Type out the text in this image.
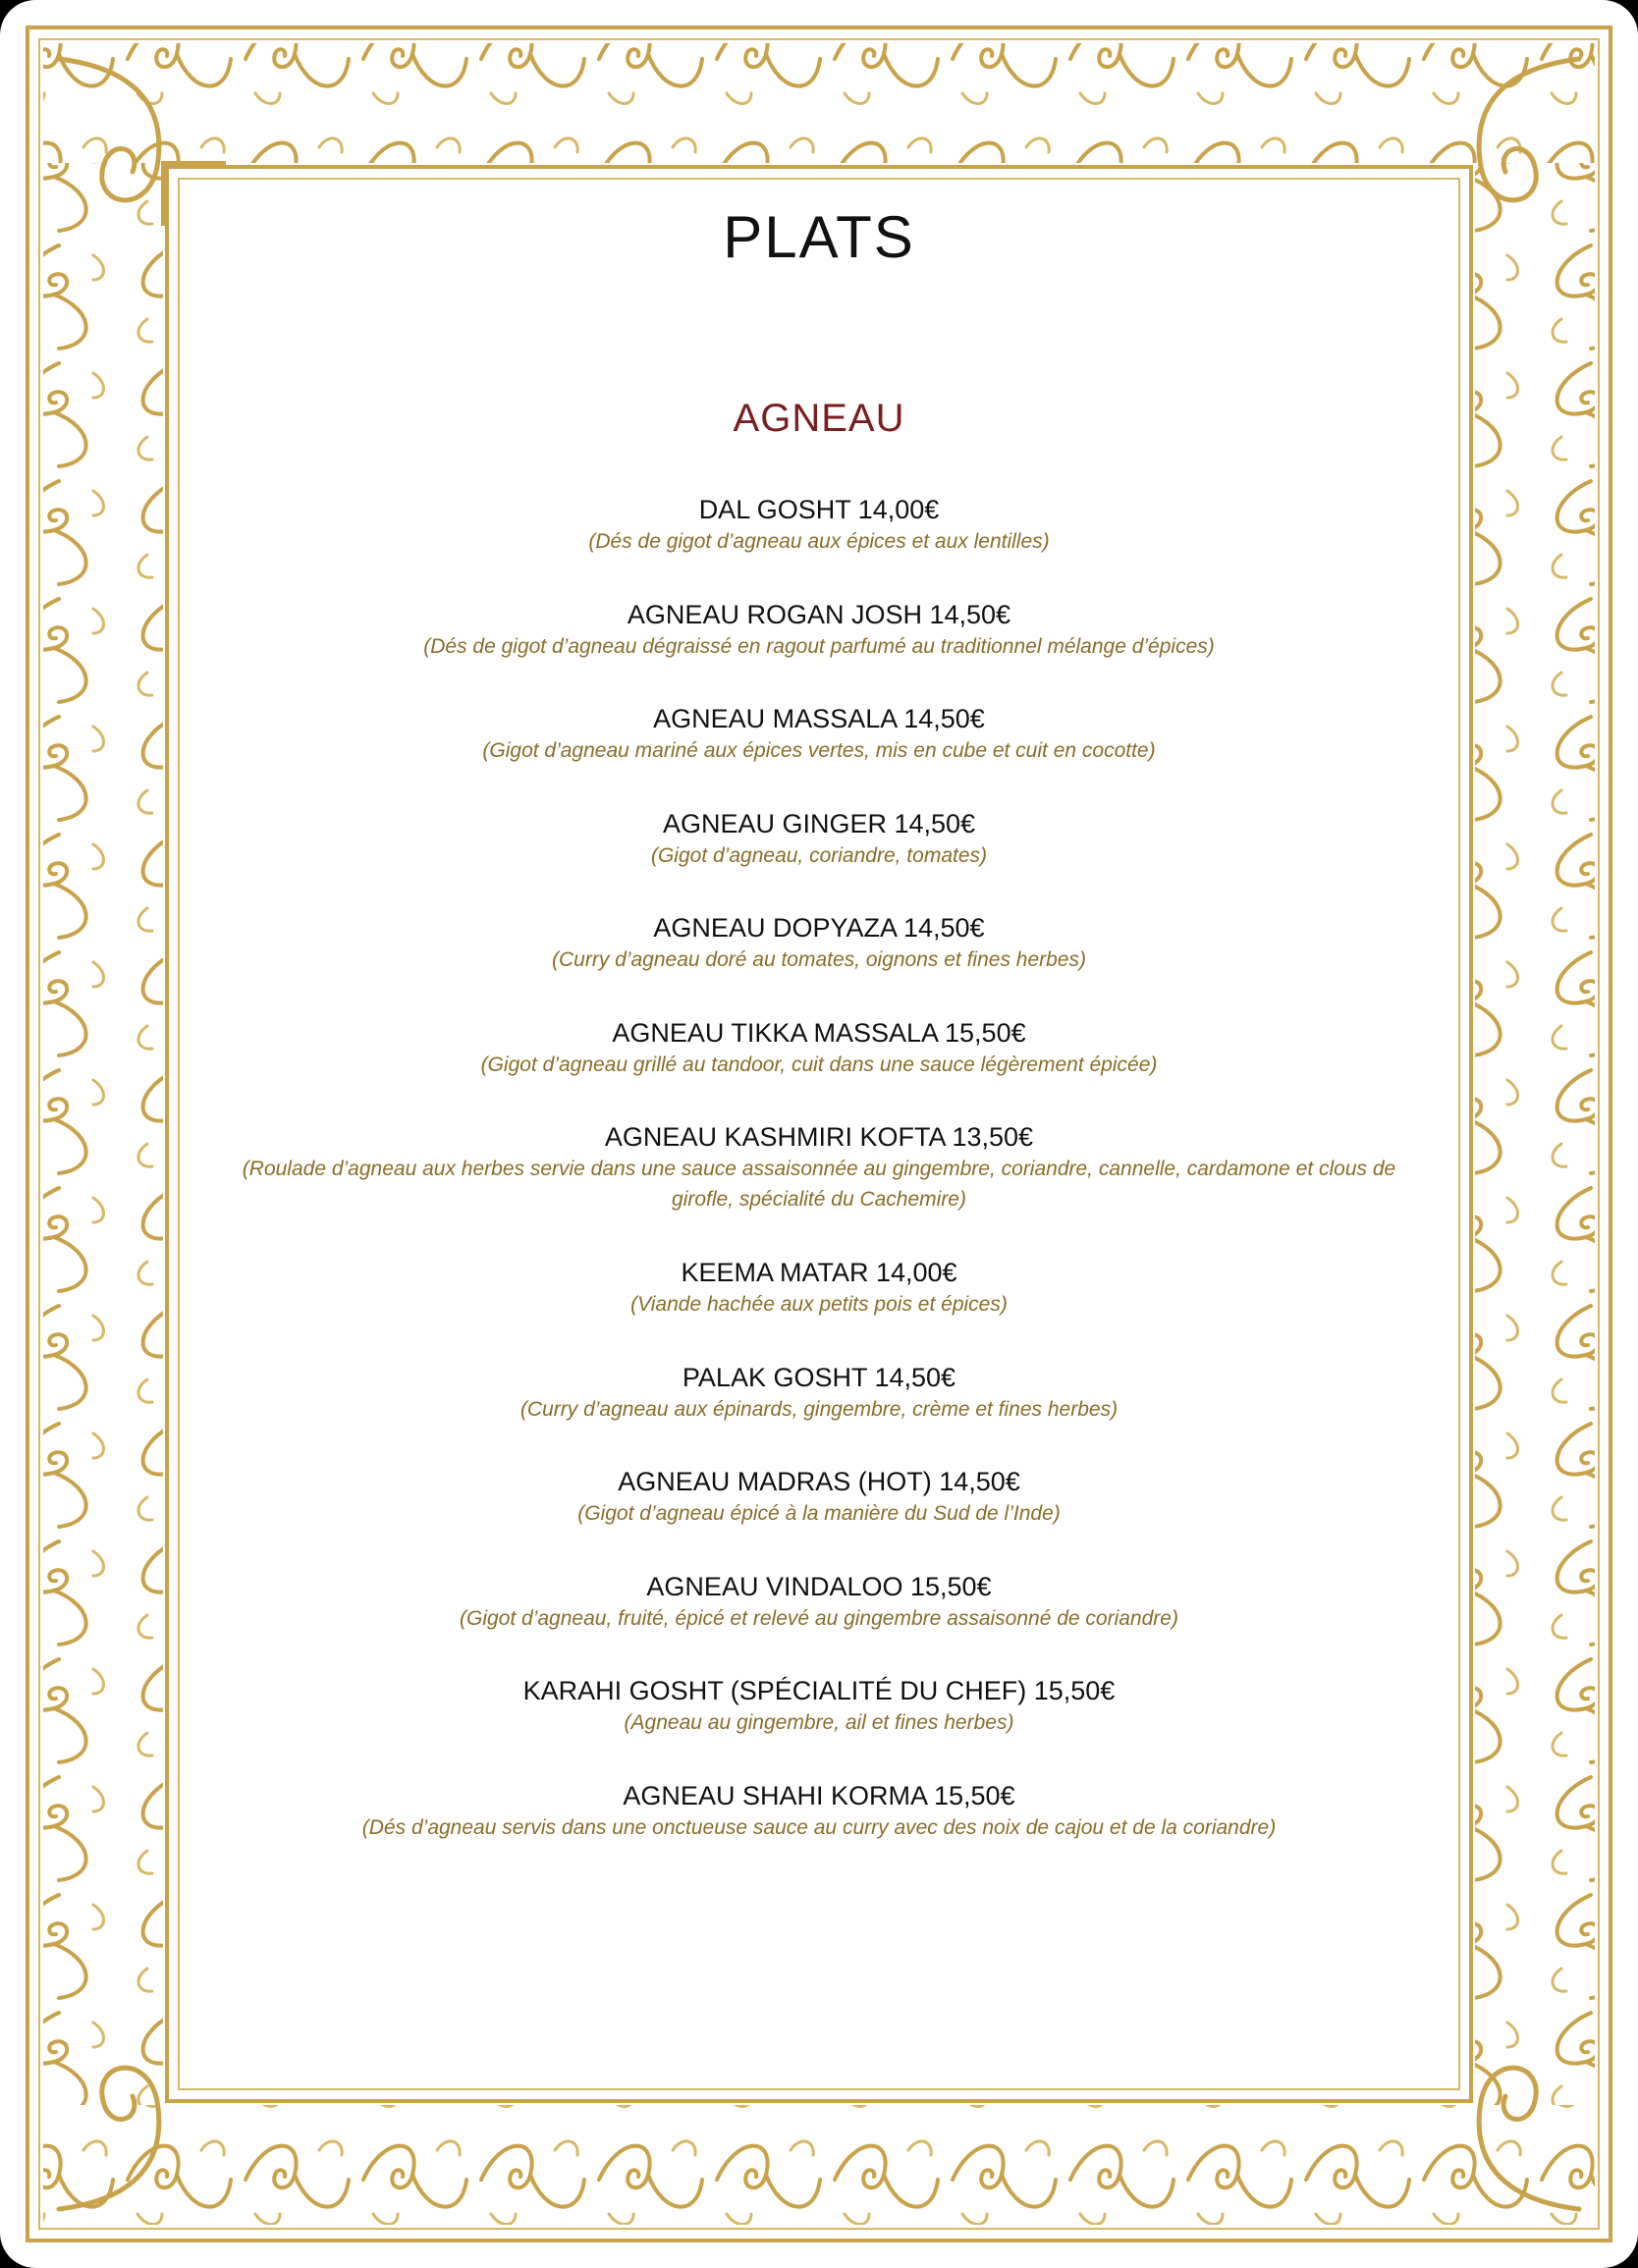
PLATS
AGNEAU
DAL GOSHT 14,00€
(Dés de gigot d’agneau aux épices et aux lentilles)
AGNEAU ROGAN JOSH 14,50€
(Dés de gigot d’agneau dégraissé en ragout parfumé au traditionnel mélange d’épices)
AGNEAU MASSALA 14,50€
(Gigot d’agneau mariné aux épices vertes, mis en cube et cuit en cocotte)
AGNEAU GINGER 14,50€
(Gigot d’agneau, coriandre, tomates)
AGNEAU DOPYAZA 14,50€
(Curry d’agneau doré au tomates, oignons et fines herbes)
AGNEAU TIKKA MASSALA 15,50€
(Gigot d’agneau grillé au tandoor, cuit dans une sauce légèrement épicée)
AGNEAU KASHMIRI KOFTA 13,50€
(Roulade d’agneau aux herbes servie dans une sauce assaisonnée au gingembre, coriandre, cannelle, cardamone et clous de girofle, spécialité du Cachemire)
KEEMA MATAR 14,00€
(Viande hachée aux petits pois et épices)
PALAK GOSHT 14,50€
(Curry d’agneau aux épinards, gingembre, crème et fines herbes)
AGNEAU MADRAS (HOT) 14,50€
(Gigot d’agneau épicé à la manière du Sud de l’Inde)
AGNEAU VINDALOO 15,50€
(Gigot d’agneau, fruité, épicé et relevé au gingembre assaisonné de coriandre)
KARAHI GOSHT (SPÉCIALITÉ DU CHEF) 15,50€
(Agneau au gingembre, ail et fines herbes)
AGNEAU SHAHI KORMA 15,50€
(Dés d’agneau servis dans une onctueuse sauce au curry avec des noix de cajou et de la coriandre)
